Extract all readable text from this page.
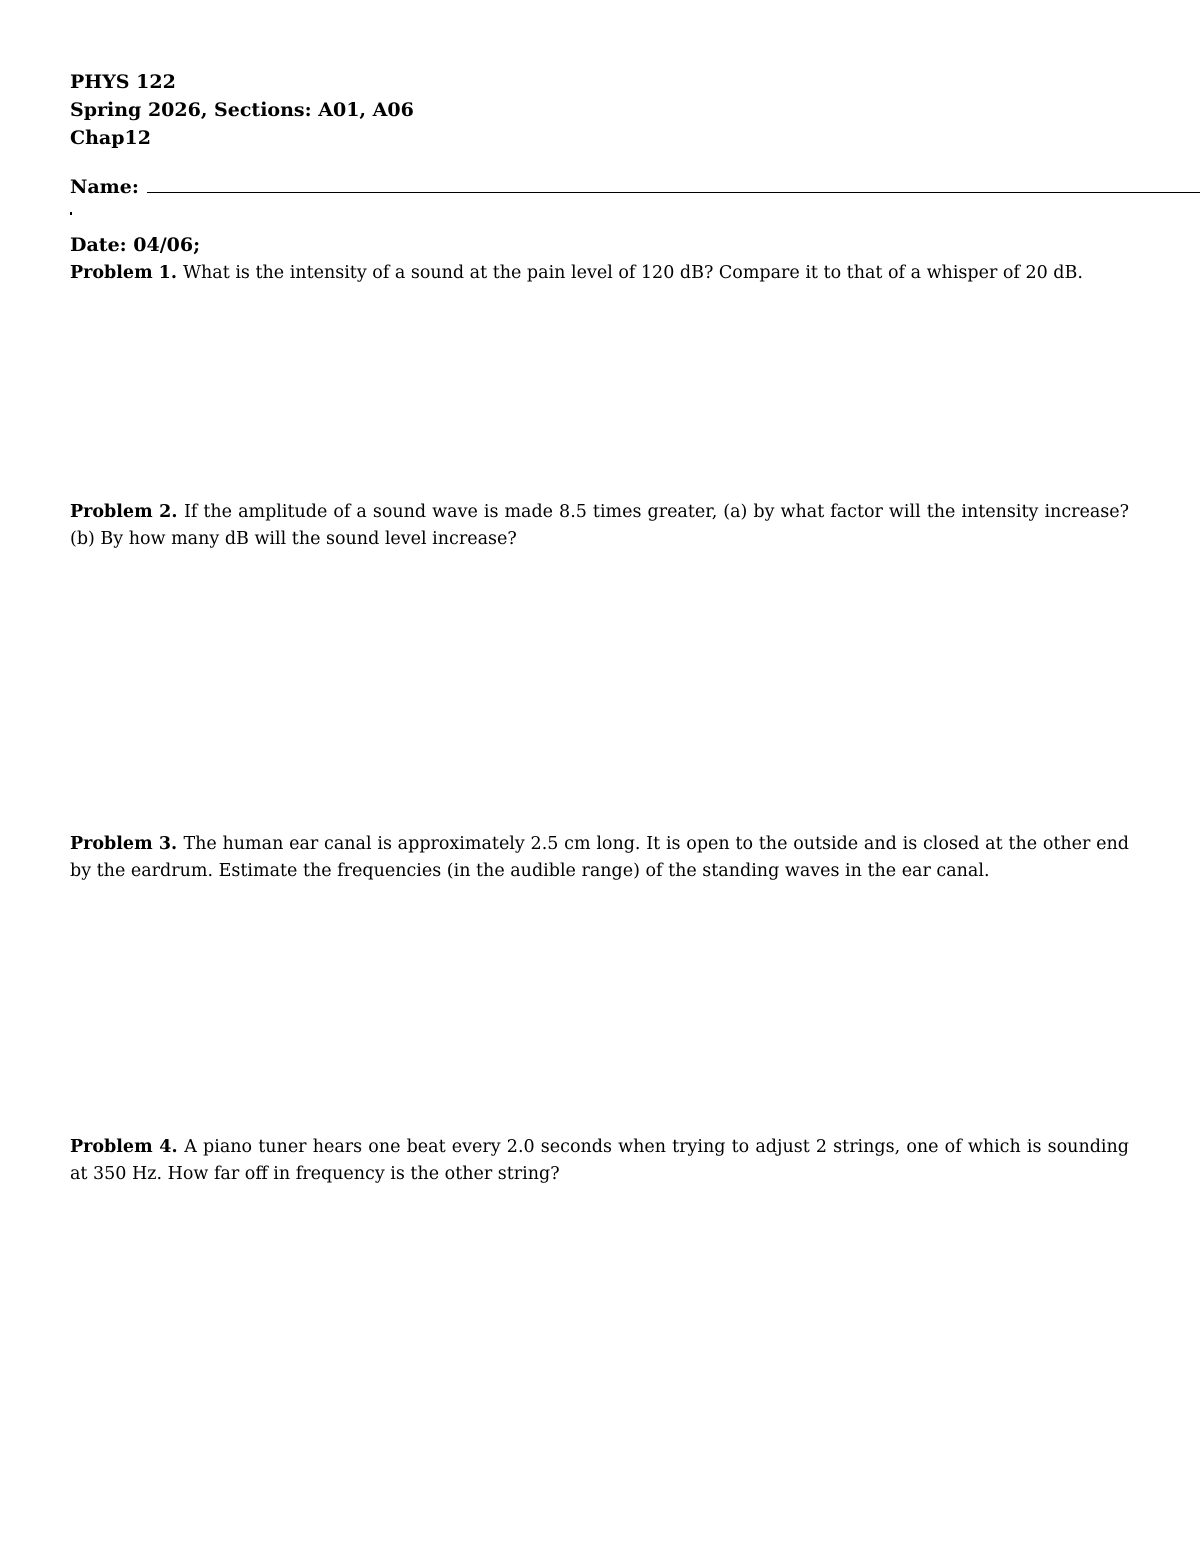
PHYS 122
Spring 2026, Sections: A01, A06
Chap12
Name:
Date: 04/06;
Problem 1. What is the intensity of a sound at the pain level of 120 dB? Compare it to that of a whisper of 20 dB.
Problem 2. If the amplitude of a sound wave is made 8.5 times greater, (a) by what factor will the intensity increase? (b) By how many dB will the sound level increase?
Problem 3. The human ear canal is approximately 2.5 cm long. It is open to the outside and is closed at the other end by the eardrum. Estimate the frequencies (in the audible range) of the standing waves in the ear canal.
Problem 4. A piano tuner hears one beat every 2.0 seconds when trying to adjust 2 strings, one of which is sounding at 350 Hz. How far off in frequency is the other string?
